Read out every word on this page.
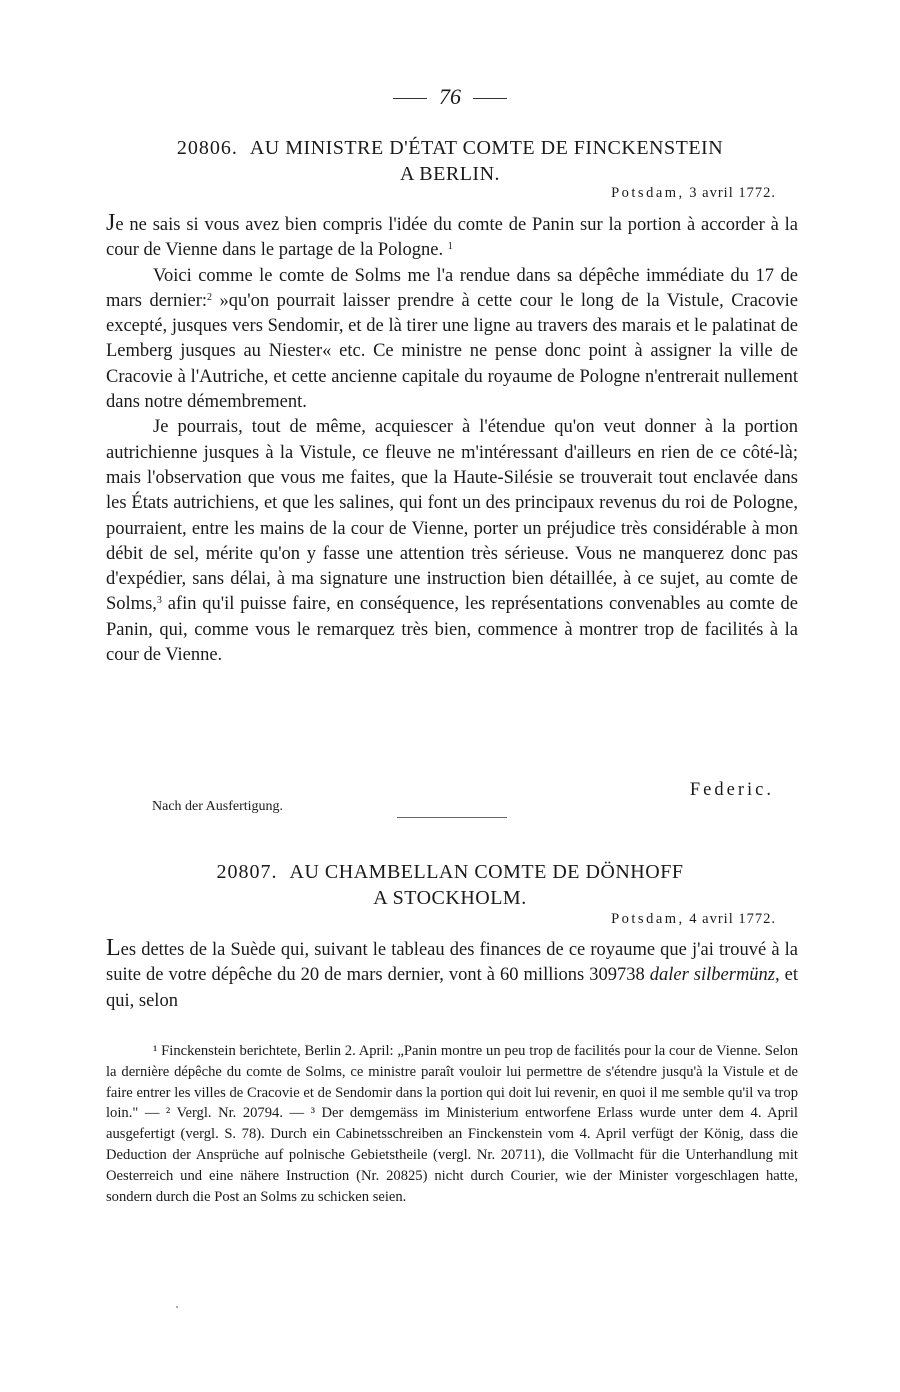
76
20806. AU MINISTRE D'ÉTAT COMTE DE FINCKENSTEIN
A BERLIN.
Potsdam, 3 avril 1772.

Je ne sais si vous avez bien compris l'idée du comte de Panin sur la portion à accorder à la cour de Vienne dans le partage de la Pologne. $^1$

Voici comme le comte de Solms me l'a rendue dans sa dépêche immédiate du 17 de mars dernier:$^2$ »qu'on pourrait laisser prendre à cette cour le long de la Vistule, Cracovie excepté, jusques vers Sendomir, et de là tirer une ligne au travers des marais et le palatinat de Lemberg jusques au Niester« etc. Ce ministre ne pense donc point à assigner la ville de Cracovie à l'Autriche, et cette ancienne capitale du royaume de Pologne n'entrerait nullement dans notre démembrement.

Je pourrais, tout de même, acquiescer à l'étendue qu'on veut donner à la portion autrichienne jusques à la Vistule, ce fleuve ne m'intéressant d'ailleurs en rien de ce côté-là; mais l'observation que vous me faites, que la Haute-Silésie se trouverait tout enclavée dans les États autrichiens, et que les salines, qui font un des principaux revenus du roi de Pologne, pourraient, entre les mains de la cour de Vienne, porter un préjudice très considérable à mon débit de sel, mérite qu'on y fasse une attention très sérieuse. Vous ne manquerez donc pas d'expédier, sans délai, à ma signature une instruction bien détaillée, à ce sujet, au comte de Solms,$^3$ afin qu'il puisse faire, en conséquence, les représentations convenables au comte de Panin, qui, comme vous le remarquez très bien, commence à montrer trop de facilités à la cour de Vienne.

Federic.
Nach der Ausfertigung.
20807. AU CHAMBELLAN COMTE DE DÖNHOFF
A STOCKHOLM.
Potsdam, 4 avril 1772.

Les dettes de la Suède qui, suivant le tableau des finances de ce royaume que j'ai trouvé à la suite de votre dépêche du 20 de mars dernier, vont à 60 millions 309738 daler silbermünz, et qui, selon

¹ Finckenstein berichtete, Berlin 2. April: „Panin montre un peu trop de facilités pour la cour de Vienne. Selon la dernière dépêche du comte de Solms, ce ministre paraît vouloir lui permettre de s'étendre jusqu'à la Vistule et de faire entrer les villes de Cracovie et de Sendomir dans la portion qui doit lui revenir, en quoi il me semble qu'il va trop loin." — ² Vergl. Nr. 20794. — ³ Der demgemäss im Ministerium entworfene Erlass wurde unter dem 4. April ausgefertigt (vergl. S. 78). Durch ein Cabinetsschreiben an Finckenstein vom 4. April verfügt der König, dass die Deduction der Ansprüche auf polnische Gebietstheile (vergl. Nr. 20711), die Vollmacht für die Unterhandlung mit Oesterreich und eine nähere Instruction (Nr. 20825) nicht durch Courier, wie der Minister vorgeschlagen hatte, sondern durch die Post an Solms zu schicken seien.
